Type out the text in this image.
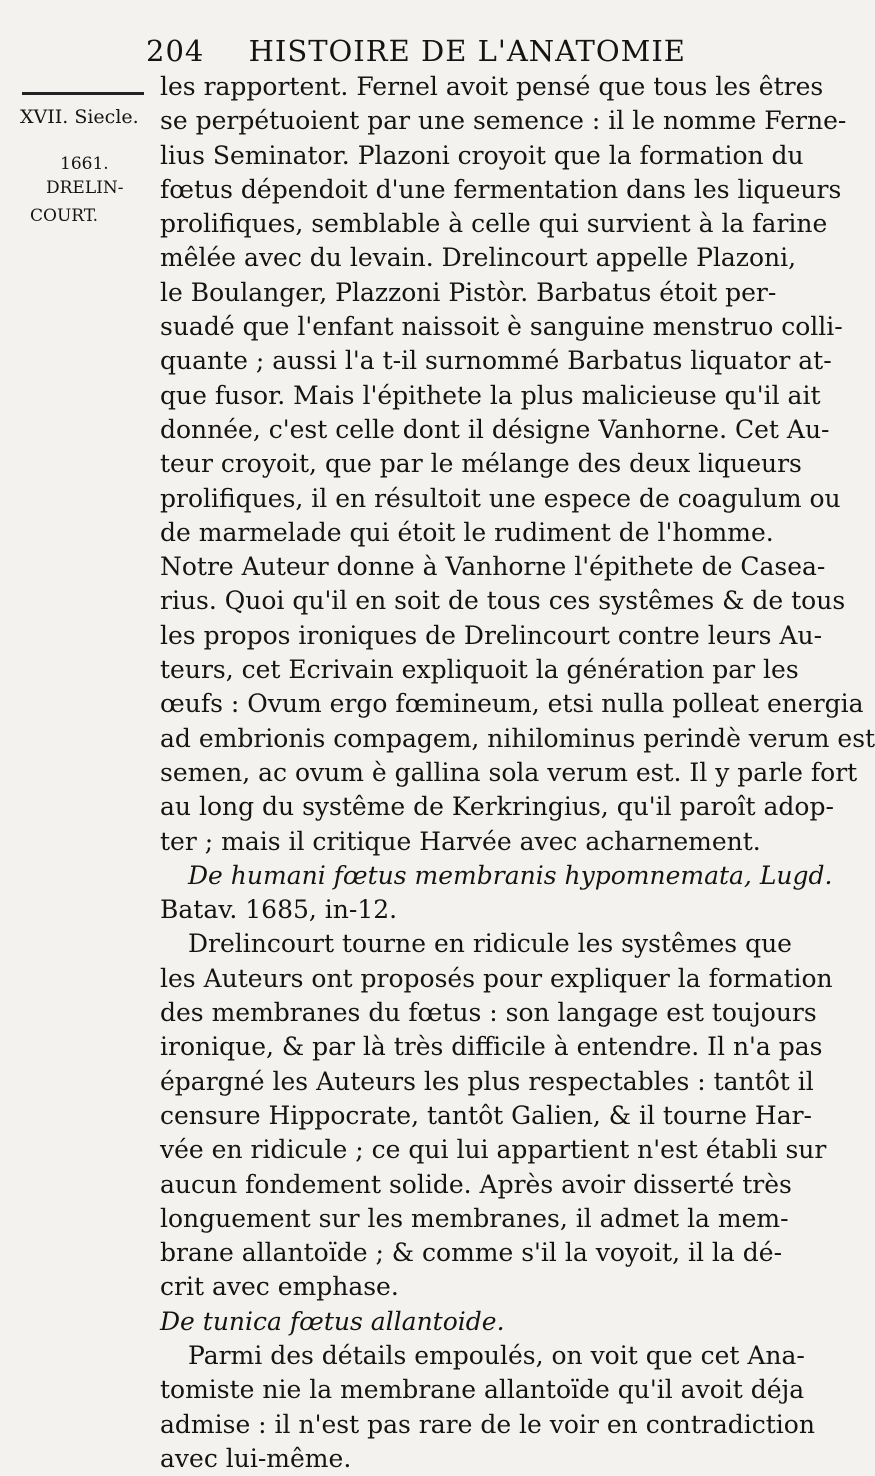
204 HISTOIRE DE L'ANATOMIE
XVII. Siecle.
1661.
DRELIN-
COURT.
les rapportent. Fernel avoit pensé que tous les êtres
se perpétuoient par une semence : il le nomme Ferne-
lius Seminator. Plazoni croyoit que la formation du
fœtus dépendoit d'une fermentation dans les liqueurs
prolifiques, semblable à celle qui survient à la farine
mêlée avec du levain. Drelincourt appelle Plazoni,
le Boulanger, Plazzoni Pistòr. Barbatus étoit per-
suadé que l'enfant naissoit è sanguine menstruo colli-
quante ; aussi l'a t-il surnommé Barbatus liquator at-
que fusor. Mais l'épithete la plus malicieuse qu'il ait
donnée, c'est celle dont il désigne Vanhorne. Cet Au-
teur croyoit, que par le mélange des deux liqueurs
prolifiques, il en résultoit une espece de coagulum ou
de marmelade qui étoit le rudiment de l'homme.
Notre Auteur donne à Vanhorne l'épithete de Casea-
rius. Quoi qu'il en soit de tous ces systêmes & de tous
les propos ironiques de Drelincourt contre leurs Au-
teurs, cet Ecrivain expliquoit la génération par les
œufs : Ovum ergo fœmineum, etsi nulla polleat energia
ad embrionis compagem, nihilominus perindè verum est
semen, ac ovum è gallina sola verum est. Il y parle fort
au long du systême de Kerkringius, qu'il paroît adop-
ter ; mais il critique Harvée avec acharnement.
De humani fœtus membranis hypomnemata, Lugd.
Batav. 1685, in-12.
Drelincourt tourne en ridicule les systêmes que
les Auteurs ont proposés pour expliquer la formation
des membranes du fœtus : son langage est toujours
ironique, & par là très difficile à entendre. Il n'a pas
épargné les Auteurs les plus respectables : tantôt il
censure Hippocrate, tantôt Galien, & il tourne Har-
vée en ridicule ; ce qui lui appartient n'est établi sur
aucun fondement solide. Après avoir disserté très
longuement sur les membranes, il admet la mem-
brane allantoïde ; & comme s'il la voyoit, il la dé-
crit avec emphase.
De tunica fœtus allantoide.
Parmi des détails empoulés, on voit que cet Ana-
tomiste nie la membrane allantoïde qu'il avoit déja
admise : il n'est pas rare de le voir en contradiction
avec lui-même.
